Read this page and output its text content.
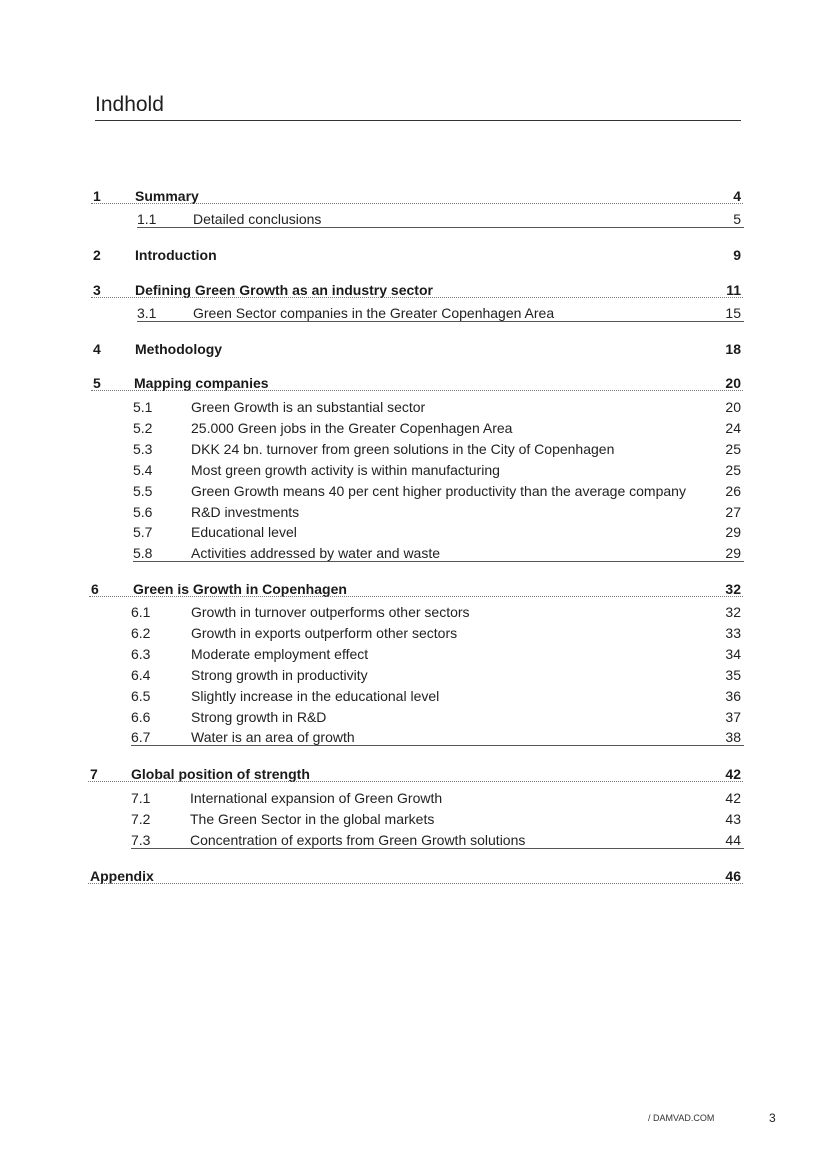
Indhold
1 Summary	4
1.1	Detailed conclusions	5
2 Introduction	9
3 Defining Green Growth as an industry sector	11
3.1	Green Sector companies in the Greater Copenhagen Area	15
4 Methodology	18
5 Mapping companies	20
5.1	Green Growth is an substantial sector	20
5.2	25.000 Green jobs in the Greater Copenhagen Area	24
5.3	DKK 24 bn. turnover from green solutions in the City of Copenhagen	25
5.4	Most green growth activity is within manufacturing	25
5.5	Green Growth means 40 per cent higher productivity than the average company	26
5.6	R&D investments	27
5.7	Educational level	29
5.8	Activities addressed by water and waste	29
6 Green is Growth in Copenhagen	32
6.1	Growth in turnover outperforms other sectors	32
6.2	Growth in exports outperform other sectors	33
6.3	Moderate employment effect	34
6.4	Strong growth in productivity	35
6.5	Slightly increase in the educational level	36
6.6	Strong growth in R&D	37
6.7	Water is an area of growth	38
7 Global position of strength	42
7.1	International expansion of Green Growth	42
7.2	The Green Sector in the global markets	43
7.3	Concentration of exports from Green Growth solutions	44
Appendix	46
/ DAMVAD.COM	3
